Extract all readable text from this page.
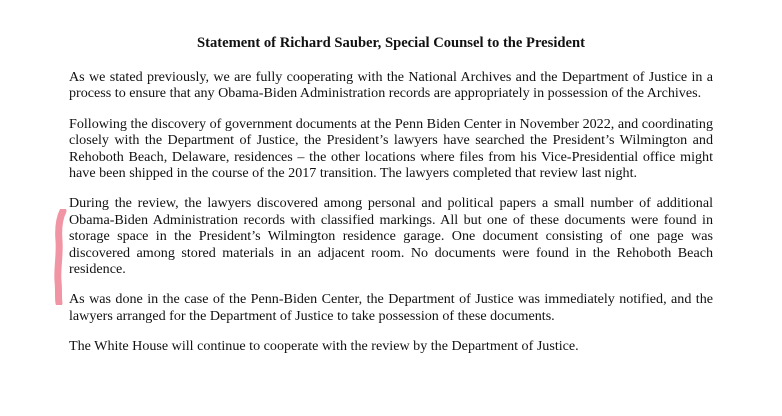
Statement of Richard Sauber, Special Counsel to the President

As we stated previously, we are fully cooperating with the National Archives and the Department of Justice in a process to ensure that any Obama-Biden Administration records are appropriately in possession of the Archives.

Following the discovery of government documents at the Penn Biden Center in November 2022, and coordinating closely with the Department of Justice, the President’s lawyers have searched the President’s Wilmington and Rehoboth Beach, Delaware, residences – the other locations where files from his Vice-Presidential office might have been shipped in the course of the 2017 transition. The lawyers completed that review last night.

During the review, the lawyers discovered among personal and political papers a small number of additional Obama-Biden Administration records with classified markings. All but one of these documents were found in storage space in the President’s Wilmington residence garage. One document consisting of one page was discovered among stored materials in an adjacent room. No documents were found in the Rehoboth Beach residence.

As was done in the case of the Penn-Biden Center, the Department of Justice was immediately notified, and the lawyers arranged for the Department of Justice to take possession of these documents.

The White House will continue to cooperate with the review by the Department of Justice.
